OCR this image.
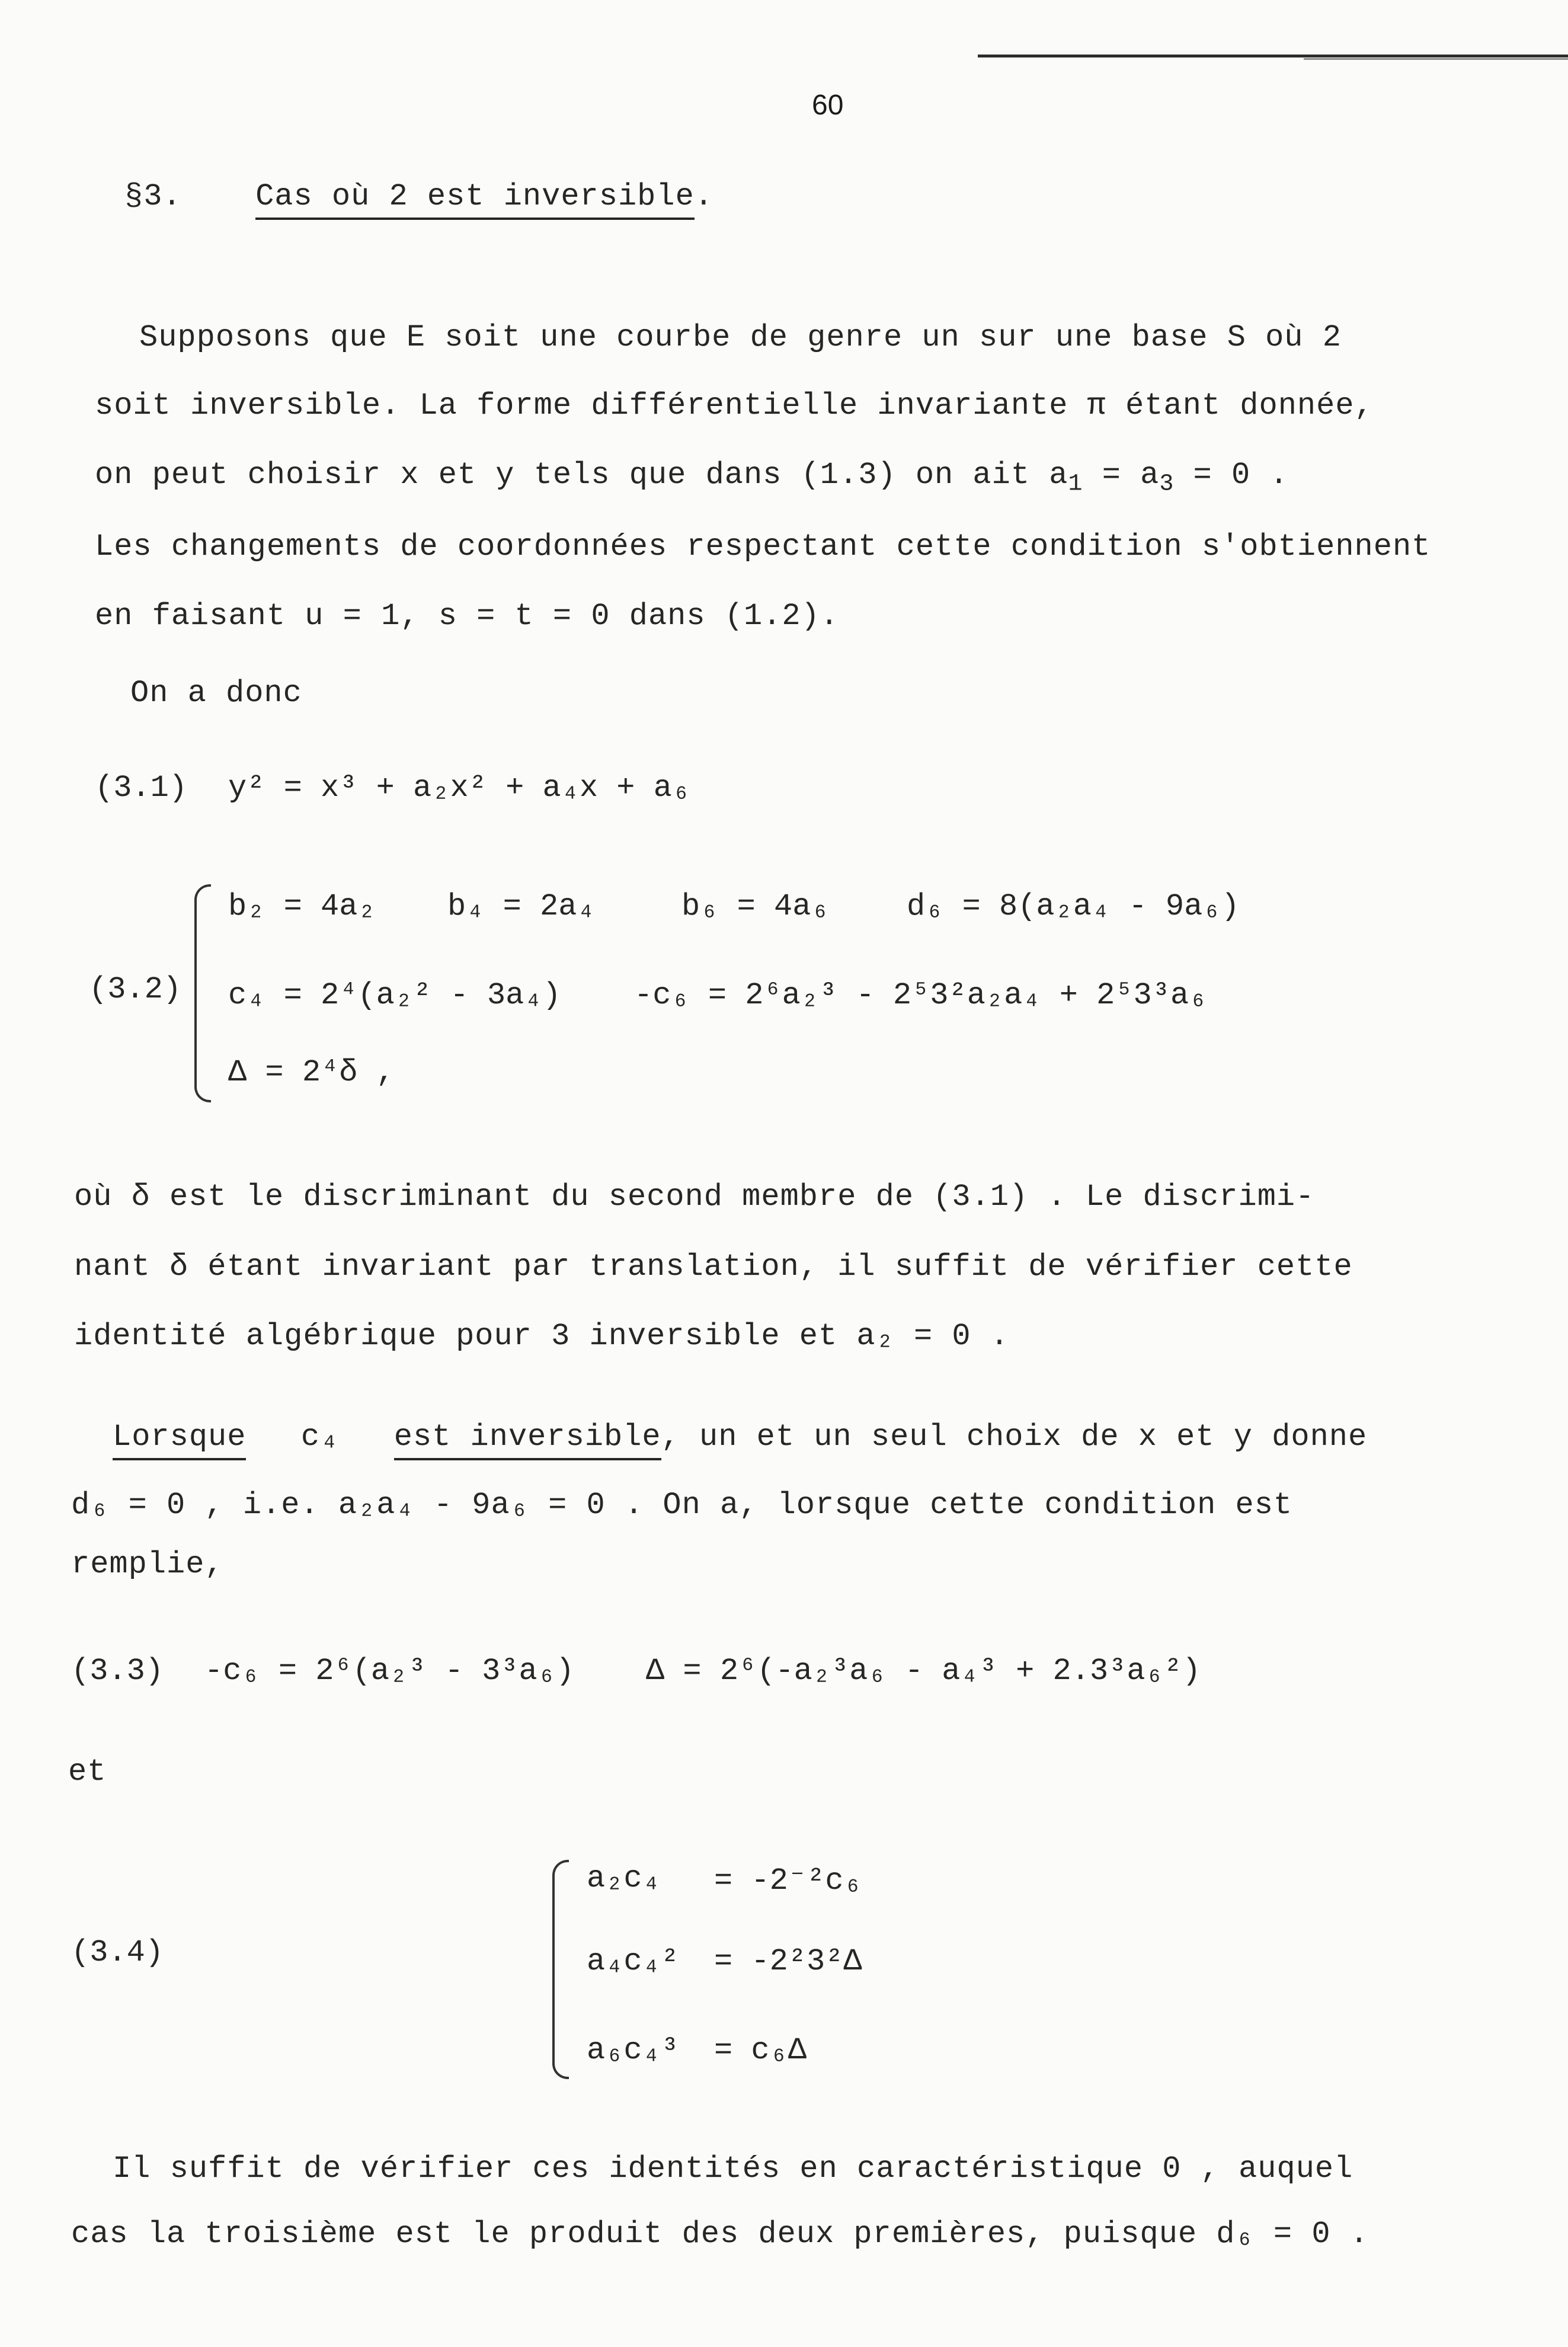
60
§3. Cas où 2 est inversible.
Supposons que E soit une courbe de genre un sur une base S où 2
soit inversible. La forme différentielle invariante π étant donnée,
on peut choisir x et y tels que dans (1.3) on ait $a_1 = a_3 = 0$ .
Les changements de coordonnées respectant cette condition s'obtiennent
en faisant u = 1, s = t = 0 dans (1.2).
On a donc
(3.1) y² = x³ + a₂x² + a₄x + a₆
(3.2)
b₂ = 4a₂ b₄ = 2a₄	b₆ = 4a₆	d₆ = 8(a₂a₄ - 9a₆)
c₄ = 2⁴(a₂² - 3a₄) -c₆ = 2⁶a₂³ - 2⁵3²a₂a₄ + 2⁵3³a₆
Δ = 2⁴δ ,
où δ est le discriminant du second membre de (3.1) . Le discrimi-
nant δ étant invariant par translation, il suffit de vérifier cette
identité algébrique pour 3 inversible et a₂ = 0 .
Lorsque c₄ est inversible, un et un seul choix de x et y donne
d₆ = 0 , i.e. a₂a₄ - 9a₆ = 0 . On a, lorsque cette condition est
remplie,
(3.3) -c₆ = 2⁶(a₂³ - 3³a₆) Δ = 2⁶(-a₂³a₆ - a₄³ + 2.3³a₆²)
et
(3.4)
a₂c₄ = -2⁻²c₆
a₄c₄² = -2²3²Δ
a₆c₄³ = c₆Δ
Il suffit de vérifier ces identités en caractéristique 0 , auquel
cas la troisième est le produit des deux premières, puisque d₆ = 0 .
